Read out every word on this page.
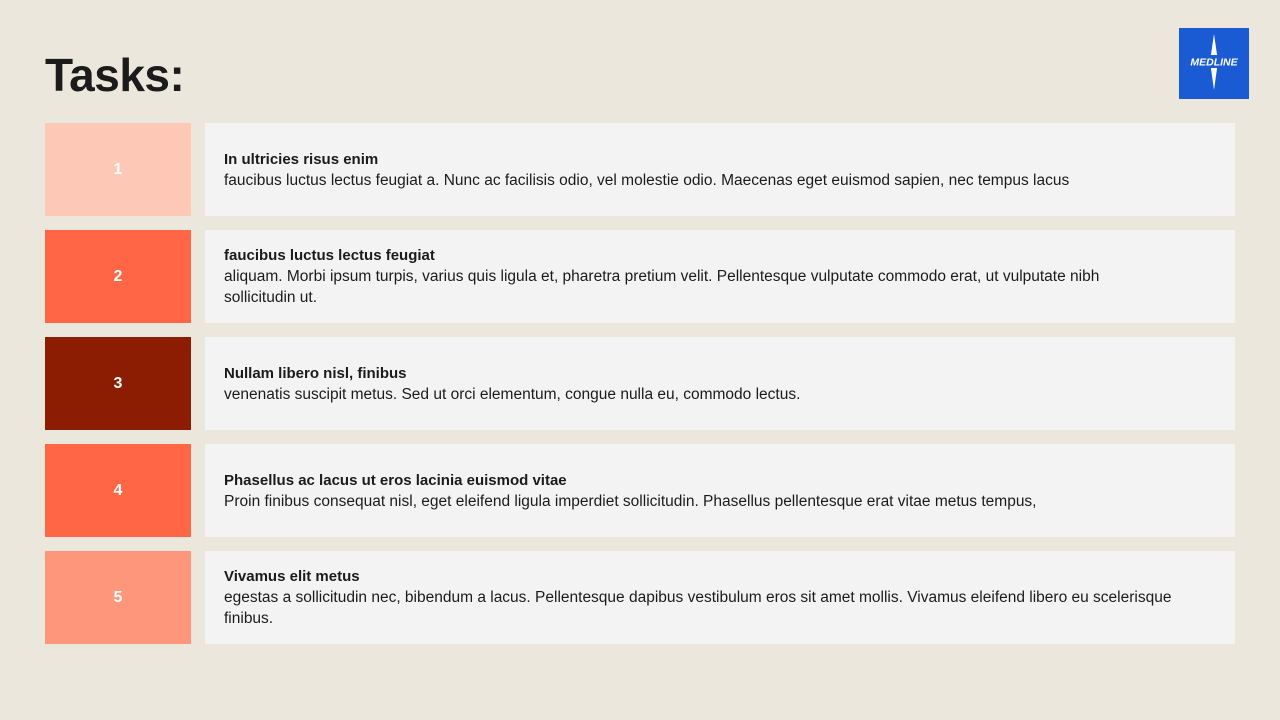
Tasks:	MEDLINE
1
In ultricies risus enim
faucibus luctus lectus feugiat a. Nunc ac facilisis odio, vel molestie odio. Maecenas eget euismod sapien, nec tempus lacus
2
faucibus luctus lectus feugiat
aliquam. Morbi ipsum turpis, varius quis ligula et, pharetra pretium velit. Pellentesque vulputate commodo erat, ut vulputate nibh sollicitudin ut.
3
Nullam libero nisl, finibus
venenatis suscipit metus. Sed ut orci elementum, congue nulla eu, commodo lectus.
4
Phasellus ac lacus ut eros lacinia euismod vitae
Proin finibus consequat nisl, eget eleifend ligula imperdiet sollicitudin. Phasellus pellentesque erat vitae metus tempus,
5
Vivamus elit metus
egestas a sollicitudin nec, bibendum a lacus. Pellentesque dapibus vestibulum eros sit amet mollis. Vivamus eleifend libero eu scelerisque finibus.
